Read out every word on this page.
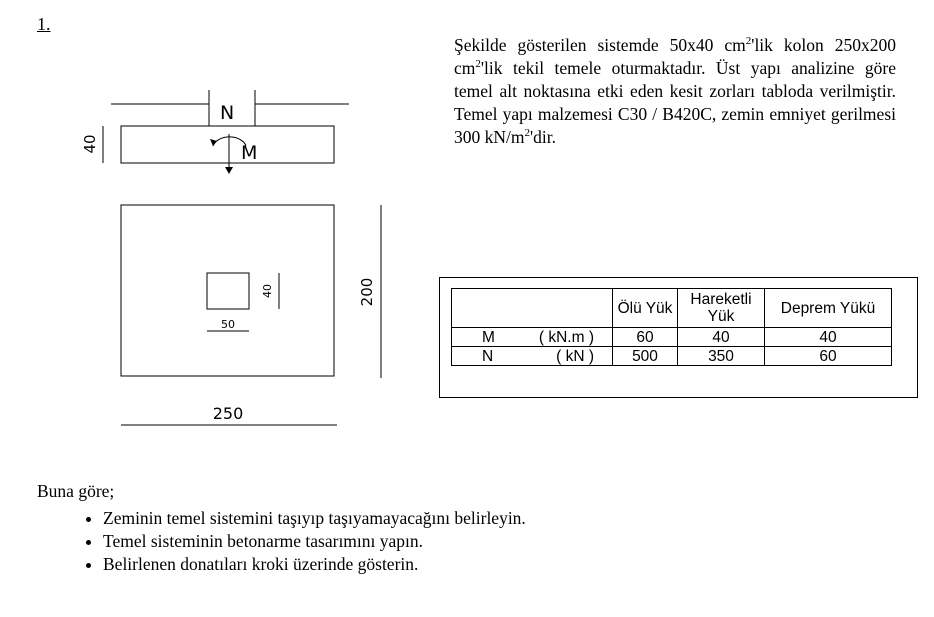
1.
N
M
40
50
40	200
250
Şekilde gösterilen sistemde 50x40 $cm^2'lik$ kolon 250x200 $cm^2'lik$ tekil temele oturmaktadır. Üst yapı analizine göre temel alt noktasına etki eden kesit zorları tabloda verilmiştir. Temel yapı malzemesi C30 / B420C, zemin emniyet gerilmesi 300 $kN/m^2'dir$.
	Ölü Yük	Hareketli Yük	Deprem Yükü

M ( kN.m )	60	40	40

N ( kN )	500	350	60
Buna göre;
• Zeminin temel sistemini taşıyıp taşıyamayacağını belirleyin.
• Temel sisteminin betonarme tasarımını yapın.
• Belirlenen donatıları kroki üzerinde gösterin.
